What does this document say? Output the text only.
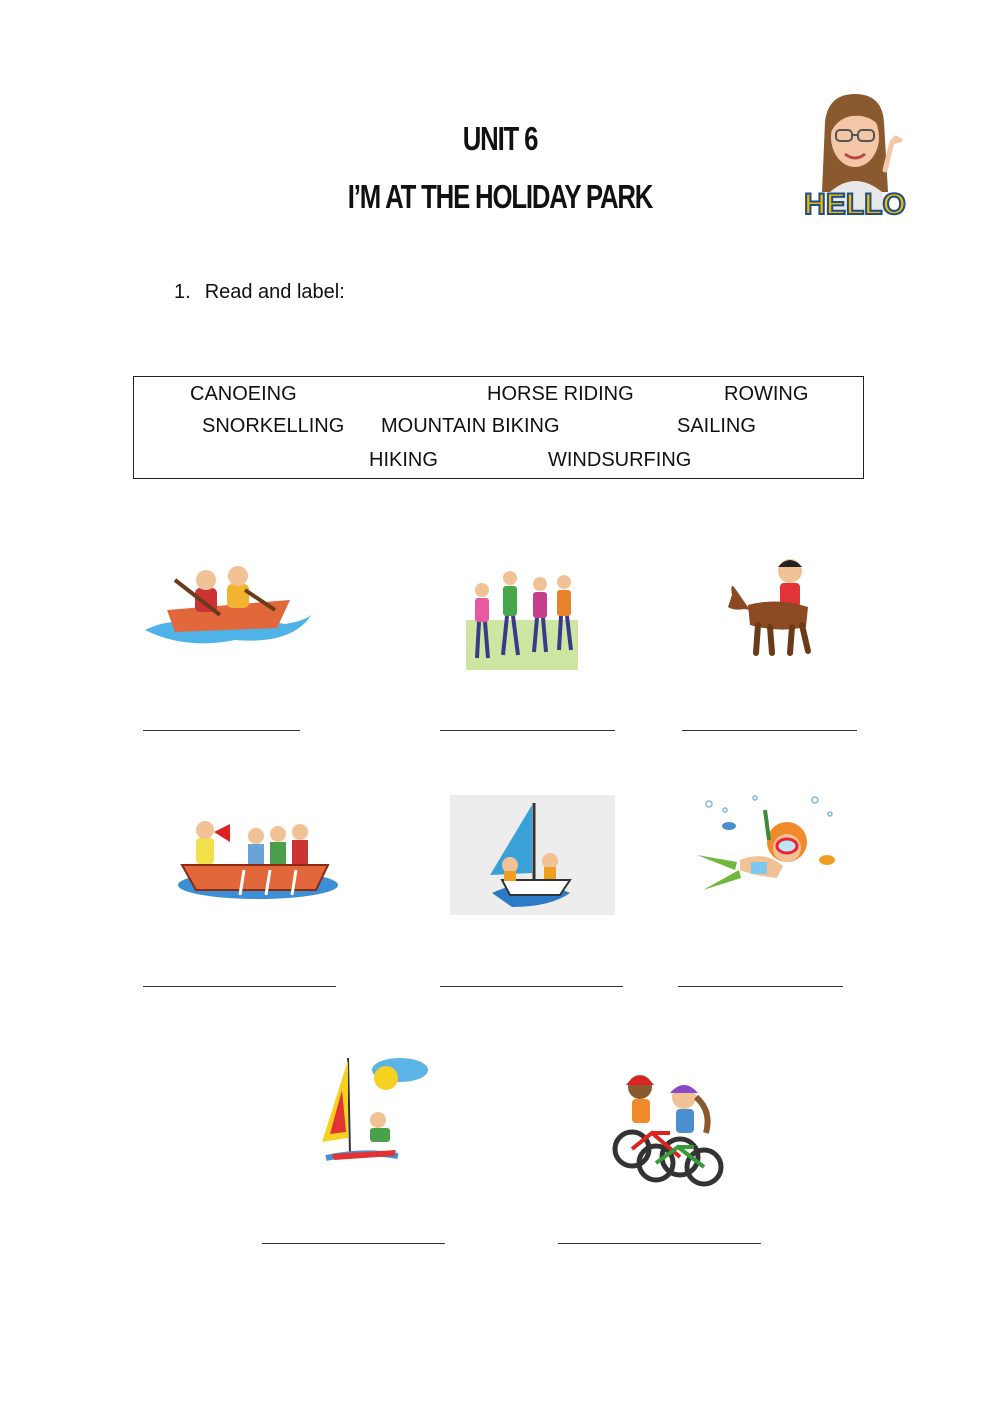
UNIT 6
I’M AT THE HOLIDAY PARK	HELLO
1. Read and label:
CANOEING	HORSE RIDING	ROWING
SNORKELLING MOUNTAIN BIKING	SAILING
HIKING	WINDSURFING
